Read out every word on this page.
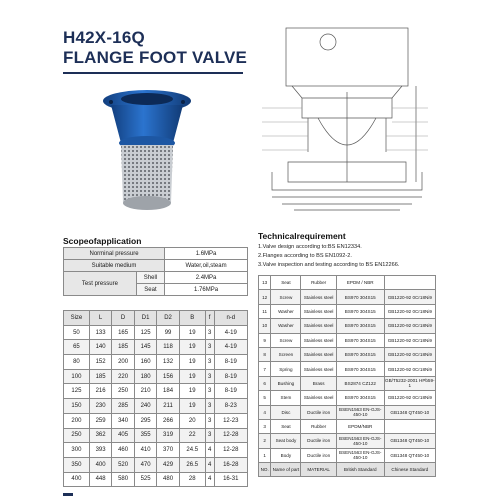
H42X-16Q
FLANGE FOOT VALVE
Scopeofapplication
Norminal pressure		1.6MPa
Suitable medium		Water,oil,steam
Test pressure	Shell	2.4MPa
	Seat	1.76MPa
Size	L	D	D1	D2	B	f	n-d
50	133	165	125	99	19	3	4-19
65	140	185	145	118	19	3	4-19
80	152	200	160	132	19	3	8-19
100	185	220	180	156	19	3	8-19
125	216	250	210	184	19	3	8-19
150	230	285	240	211	19	3	8-23
200	259	340	295	266	20	3	12-23
250	362	405	355	319	22	3	12-28
300	393	460	410	370	24.5	4	12-28
350	400	520	470	429	26.5	4	16-28
400	448	580	525	480	28	4	16-31
Technicalrequirement
1.Valve design according to:BS EN12334.
2.Flanges according to BS EN1092-2.
3.Valve inspection and testing according to BS EN12266.
13	Seat	Rubber	EPDM / NBR	
12	Screw	Stainless steel	BS970 304S15	GB1220-92 0Cr18Ni9
11	Washer	Stainless steel	BS970 304S15	GB1220-92 0Cr18Ni9
10	Washer	Stainless steel	BS970 304S15	GB1220-92 0Cr18Ni9
9	Screw	Stainless steel	BS970 304S15	GB1220-92 0Cr18Ni9
8	Screen	Stainless steel	BS970 304S15	GB1220-92 0Cr18Ni9
7	Spring	Stainless steel	BS970 304S15	GB1220-92 0Cr18Ni9
6	Bushing	Brass	BS2874 CZ122	GB/T5232-2001 HPb59-1
5	Stem	Stainless steel	BS970 304S15	GB1220-92 0Cr18Ni9
4	Disc	Ductile iron	BSEN1563 EN-GJS-450-10	GB1348 QT450-10
3	Seat	Rubber	EPDM/NBR	
2	Seat body	Ductile iron	BSEN1563 EN-GJS-450-10	GB1348 QT450-10
1	Body	Ductile iron	BSEN1563 EN-GJS-450-10	GB1348 QT450-10
NO.	Name of part	MATERIAL	British Standard	Chinese Standard
